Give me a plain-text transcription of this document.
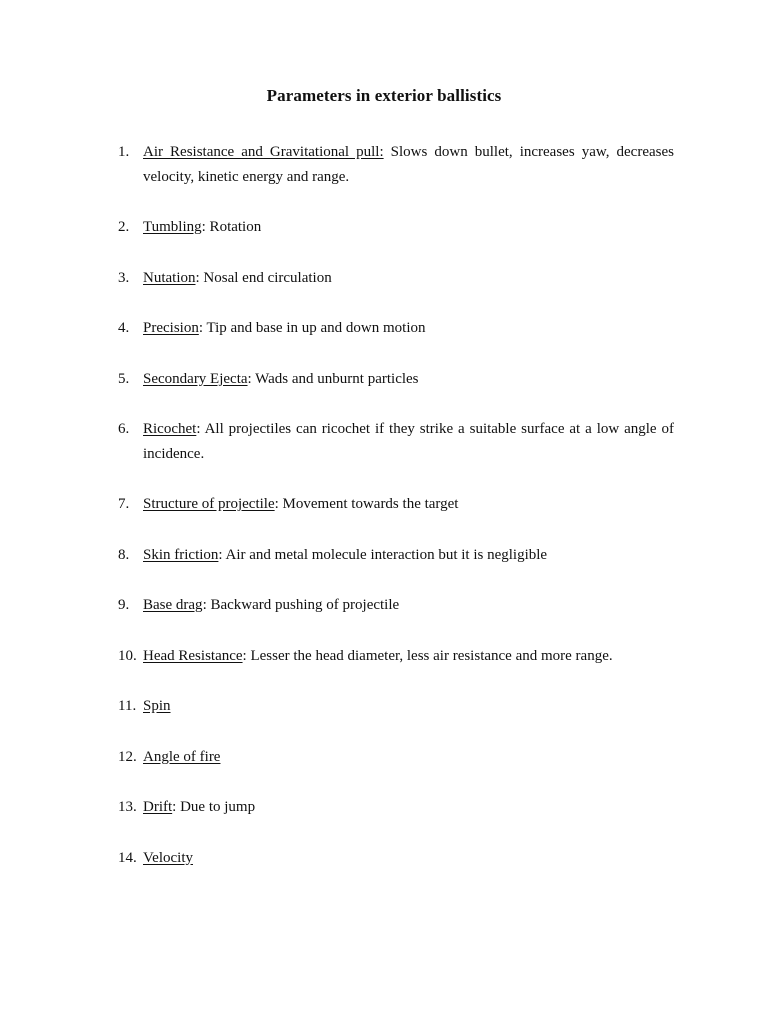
Parameters in exterior ballistics
1. Air Resistance and Gravitational pull: Slows down bullet, increases yaw, decreases velocity, kinetic energy and range.
2. Tumbling: Rotation
3. Nutation: Nosal end circulation
4. Precision: Tip and base in up and down motion
5. Secondary Ejecta: Wads and unburnt particles
6. Ricochet: All projectiles can ricochet if they strike a suitable surface at a low angle of incidence.
7. Structure of projectile: Movement towards the target
8. Skin friction: Air and metal molecule interaction but it is negligible
9. Base drag: Backward pushing of projectile
10. Head Resistance: Lesser the head diameter, less air resistance and more range.
11. Spin
12. Angle of fire
13. Drift: Due to jump
14. Velocity
